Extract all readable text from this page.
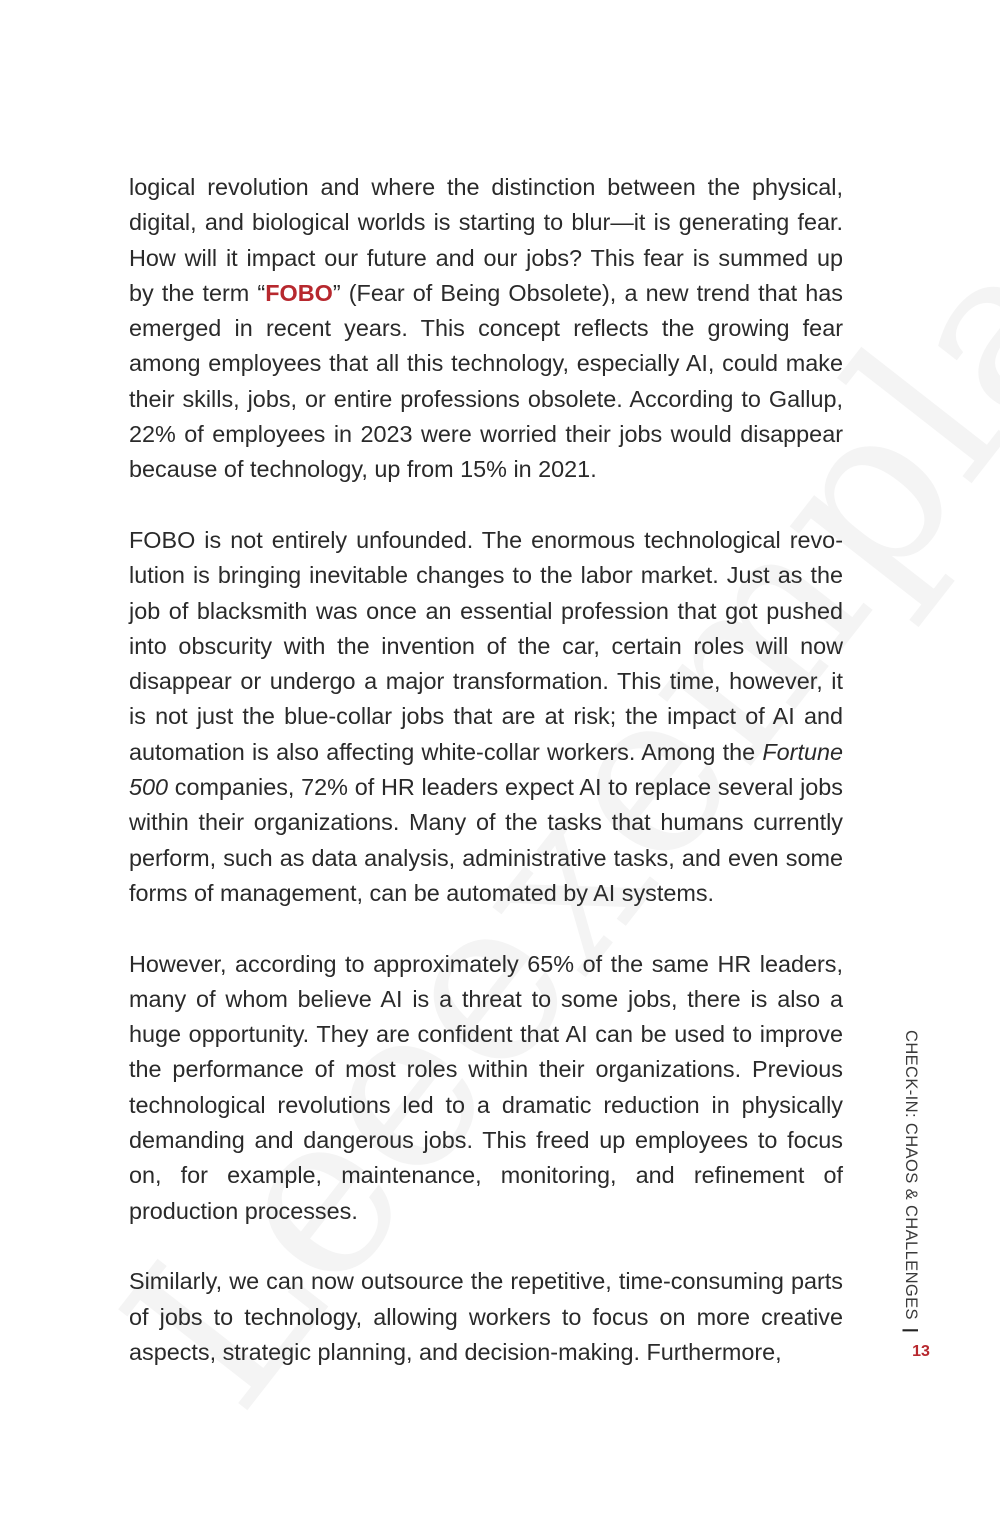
logical revolution and where the distinction between the physical, digital, and biological worlds is starting to blur—it is generating fear. How will it impact our future and our jobs? This fear is summed up by the term “FOBO” (Fear of Being Obsolete), a new trend that has emerged in recent years. This concept reflects the growing fear among employees that all this technology, especially AI, could make their skills, jobs, or entire professions obsolete. According to Gallup, 22% of employees in 2023 were worried their jobs would disappear because of technology, up from 15% in 2021.

FOBO is not entirely unfounded. The enormous technological revolution is bringing inevitable changes to the labor market. Just as the job of blacksmith was once an essential profession that got pushed into obscurity with the invention of the car, certain roles will now disappear or undergo a major transformation. This time, however, it is not just the blue-collar jobs that are at risk; the impact of AI and automation is also affecting white-collar workers. Among the Fortune 500 companies, 72% of HR leaders expect AI to replace several jobs within their organizations. Many of the tasks that humans currently perform, such as data analysis, administrative tasks, and even some forms of management, can be automated by AI systems.

However, according to approximately 65% of the same HR leaders, many of whom believe AI is a threat to some jobs, there is also a huge opportunity. They are confident that AI can be used to improve the performance of most roles within their organizations. Previous technological revolutions led to a dramatic reduction in physically demanding and dangerous jobs. This freed up employees to focus on, for example, maintenance, monitoring, and refinement of production processes.

Similarly, we can now outsource the repetitive, time-consuming parts of jobs to technology, allowing workers to focus on more creative aspects, strategic planning, and decision-making. Furthermore,

CHECK-IN: CHAOS & CHALLENGES|
13
